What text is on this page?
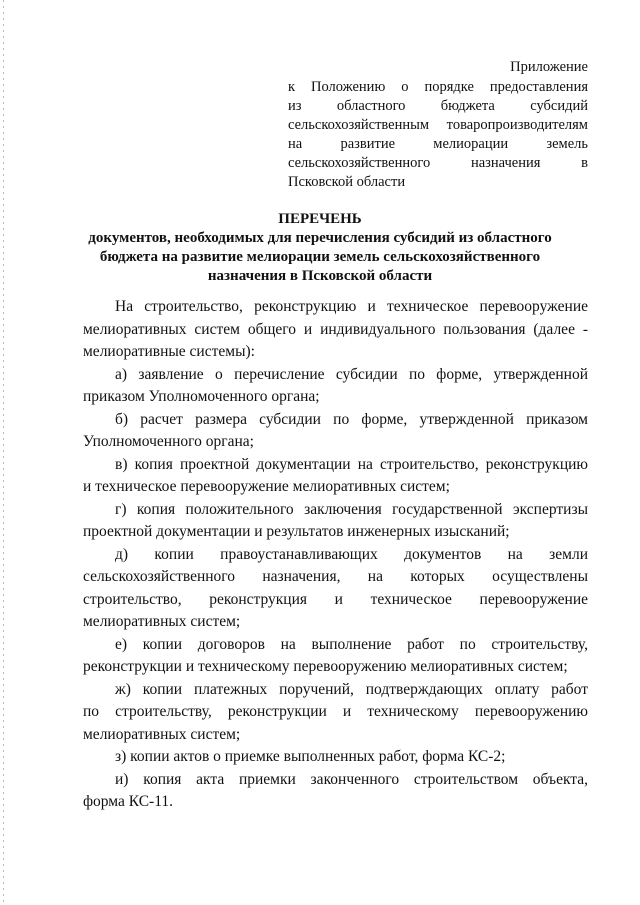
Приложение
к Положению о порядке предоставления
из областного бюджета субсидий
сельскохозяйственным товаропроизводителям
на развитие мелиорации земель
сельскохозяйственного назначения в
Псковской области
ПЕРЕЧЕНЬ
документов, необходимых для перечисления субсидий из областного
бюджета на развитие мелиорации земель сельскохозяйственного
назначения в Псковской области
На строительство, реконструкцию и техническое перевооружение
мелиоративных систем общего и индивидуального пользования (далее -
мелиоративные системы):
а) заявление о перечисление субсидии по форме, утвержденной
приказом Уполномоченного органа;
б) расчет размера субсидии по форме, утвержденной приказом
Уполномоченного органа;
в) копия проектной документации на строительство, реконструкцию
и техническое перевооружение мелиоративных систем;
г) копия положительного заключения государственной экспертизы
проектной документации и результатов инженерных изысканий;
д) копии правоустанавливающих документов на земли
сельскохозяйственного назначения, на которых осуществлены
строительство, реконструкция и техническое перевооружение
мелиоративных систем;
е) копии договоров на выполнение работ по строительству,
реконструкции и техническому перевооружению мелиоративных систем;
ж) копии платежных поручений, подтверждающих оплату работ
по строительству, реконструкции и техническому перевооружению
мелиоративных систем;
з) копии актов о приемке выполненных работ, форма КС-2;
и) копия акта приемки законченного строительством объекта,
форма КС-11.
